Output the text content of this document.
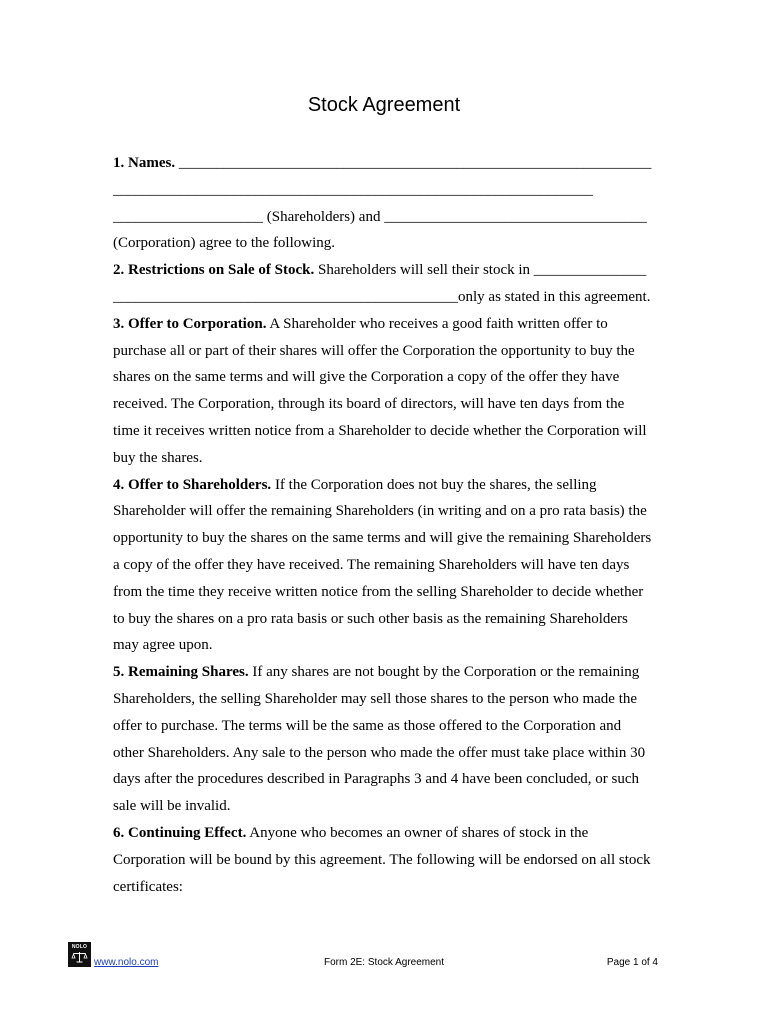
Stock Agreement
1. Names. _______________________________________________________________
________________________________________________________________
____________________ (Shareholders) and ___________________________________
(Corporation) agree to the following.
2. Restrictions on Sale of Stock. Shareholders will sell their stock in _______________
______________________________________________only as stated in this agreement.
3. Offer to Corporation. A Shareholder who receives a good faith written offer to
purchase all or part of their shares will offer the Corporation the opportunity to buy the
shares on the same terms and will give the Corporation a copy of the offer they have
received. The Corporation, through its board of directors, will have ten days from the
time it receives written notice from a Shareholder to decide whether the Corporation will
buy the shares.
4. Offer to Shareholders. If the Corporation does not buy the shares, the selling
Shareholder will offer the remaining Shareholders (in writing and on a pro rata basis) the
opportunity to buy the shares on the same terms and will give the remaining Shareholders
a copy of the offer they have received. The remaining Shareholders will have ten days
from the time they receive written notice from the selling Shareholder to decide whether
to buy the shares on a pro rata basis or such other basis as the remaining Shareholders
may agree upon.
5. Remaining Shares. If any shares are not bought by the Corporation or the remaining
Shareholders, the selling Shareholder may sell those shares to the person who made the
offer to purchase. The terms will be the same as those offered to the Corporation and
other Shareholders. Any sale to the person who made the offer must take place within 30
days after the procedures described in Paragraphs 3 and 4 have been concluded, or such
sale will be invalid.
6. Continuing Effect. Anyone who becomes an owner of shares of stock in the
Corporation will be bound by this agreement. The following will be endorsed on all stock
certificates:
NOLO
www.nolo.com	Form 2E: Stock Agreement	Page 1 of 4
